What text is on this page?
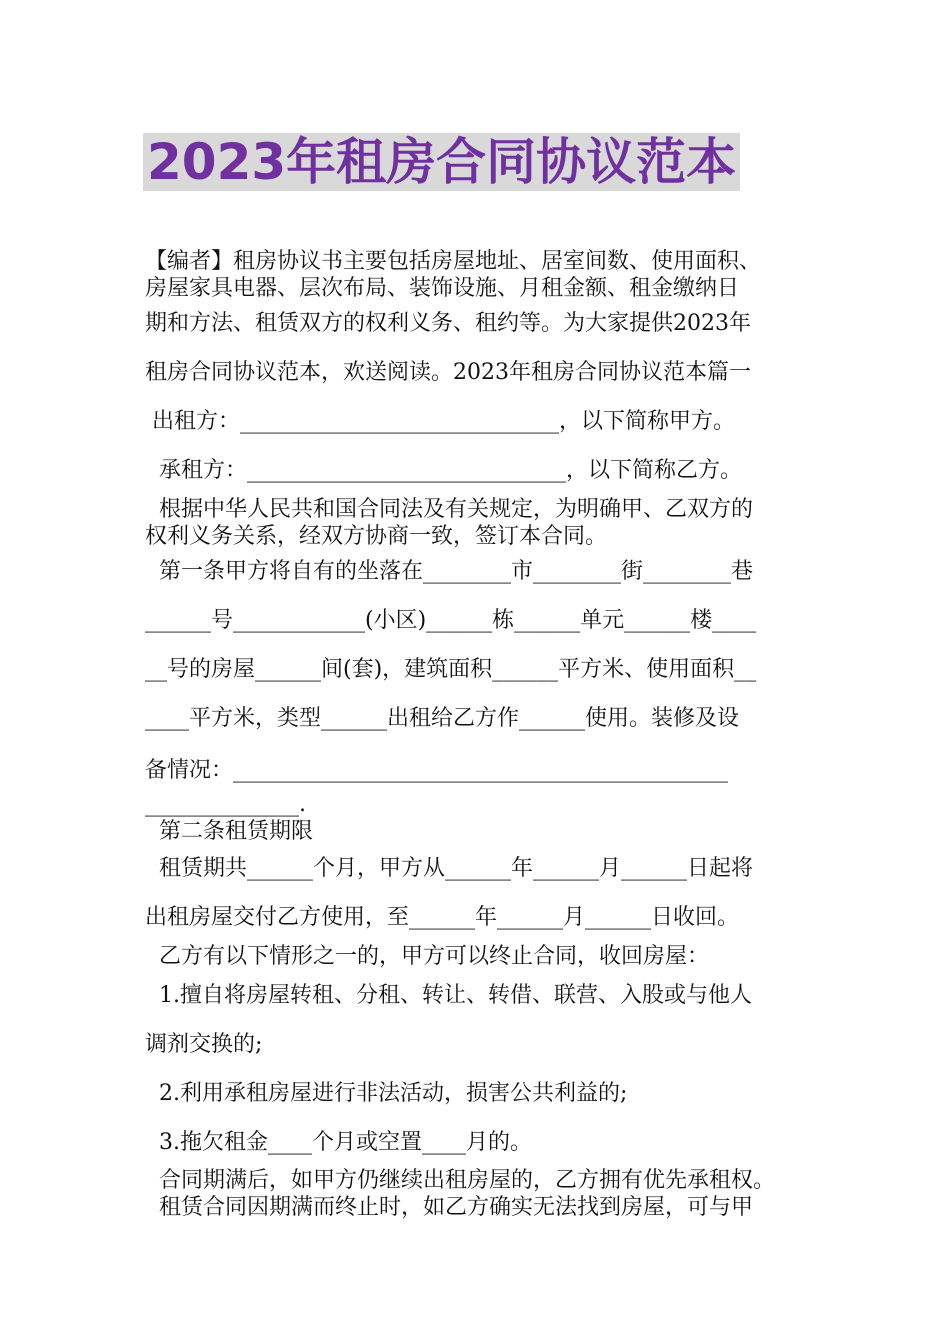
2023年租房合同协议范本
【编者】租房协议书主要包括房屋地址、居室间数、使用面积、
房屋家具电器、层次布局、装饰设施、月租金额、租金缴纳日
期和方法、租赁双方的权利义务、租约等。为大家提供2023年
租房合同协议范本，欢送阅读。2023年租房合同协议范本篇一
出租方：_____________________________，以下简称甲方。
承租方：_____________________________，以下简称乙方。
根据中华人民共和国合同法及有关规定，为明确甲、乙双方的
权利义务关系，经双方协商一致，签订本合同。
第一条甲方将自有的坐落在________市________街________巷
______号____________(小区)______栋______单元______楼____
__号的房屋______间(套)，建筑面积______平方米、使用面积__
____平方米，类型______出租给乙方作______使用。装修及设
备情况：_____________________________________________
______________.
第二条租赁期限
租赁期共______个月，甲方从______年______月______日起将
出租房屋交付乙方使用，至______年______月______日收回。
乙方有以下情形之一的，甲方可以终止合同，收回房屋：
1.擅自将房屋转租、分租、转让、转借、联营、入股或与他人
调剂交换的;
2.利用承租房屋进行非法活动，损害公共利益的;
3.拖欠租金____个月或空置____月的。
合同期满后，如甲方仍继续出租房屋的，乙方拥有优先承租权。
租赁合同因期满而终止时，如乙方确实无法找到房屋，可与甲
